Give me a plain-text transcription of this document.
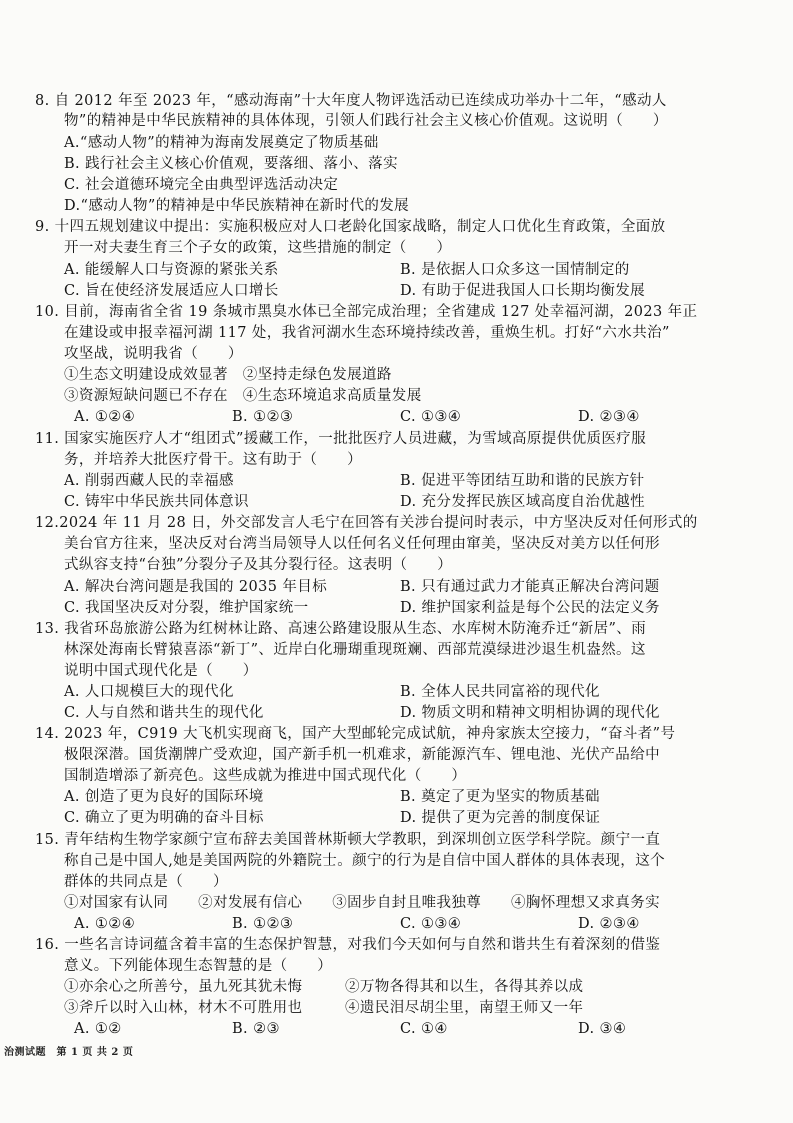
8. 自 2012 年至 2023 年，“感动海南”十大年度人物评选活动已连续成功举办十二年，“感动人
物”的精神是中华民族精神的具体体现，引领人们践行社会主义核心价值观。这说明（　　）
A.“感动人物”的精神为海南发展奠定了物质基础
B. 践行社会主义核心价值观，要落细、落小、落实
C. 社会道德环境完全由典型评选活动决定
D.“感动人物”的精神是中华民族精神在新时代的发展
9. 十四五规划建议中提出：实施积极应对人口老龄化国家战略，制定人口优化生育政策，全面放
开一对夫妻生育三个子女的政策，这些措施的制定（　　）
A. 能缓解人口与资源的紧张关系	B. 是依据人口众多这一国情制定的
C. 旨在使经济发展适应人口增长	D. 有助于促进我国人口长期均衡发展
10. 目前，海南省全省 19 条城市黑臭水体已全部完成治理；全省建成 127 处幸福河湖，2023 年正
在建设或申报幸福河湖 117 处，我省河湖水生态环境持续改善，重焕生机。打好“六水共治”
攻坚战，说明我省（　　）
①生态文明建设成效显著　②坚持走绿色发展道路
③资源短缺问题已不存在　④生态环境追求高质量发展
A. ①②④	B. ①②③	C. ①③④	D. ②③④
11. 国家实施医疗人才“组团式”援藏工作，一批批医疗人员进藏，为雪域高原提供优质医疗服
务，并培养大批医疗骨干。这有助于（　　）
A. 削弱西藏人民的幸福感	B. 促进平等团结互助和谐的民族方针
C. 铸牢中华民族共同体意识	D. 充分发挥民族区域高度自治优越性
12.2024 年 11 月 28 日，外交部发言人毛宁在回答有关涉台提问时表示，中方坚决反对任何形式的
美台官方往来，坚决反对台湾当局领导人以任何名义任何理由窜美，坚决反对美方以任何形
式纵容支持“台独”分裂分子及其分裂行径。这表明（　　）
A. 解决台湾问题是我国的 2035 年目标	B. 只有通过武力才能真正解决台湾问题
C. 我国坚决反对分裂，维护国家统一	D. 维护国家利益是每个公民的法定义务
13. 我省环岛旅游公路为红树林让路、高速公路建设服从生态、水库树木防淹乔迁“新居”、雨
林深处海南长臂猿喜添“新丁”、近岸白化珊瑚重现斑斓、西部荒漠绿进沙退生机盎然。这
说明中国式现代化是（　　）
A. 人口规模巨大的现代化	B. 全体人民共同富裕的现代化
C. 人与自然和谐共生的现代化	D. 物质文明和精神文明相协调的现代化
14. 2023 年，C919 大飞机实现商飞，国产大型邮轮完成试航，神舟家族太空接力，“奋斗者”号
极限深潜。国货潮牌广受欢迎，国产新手机一机难求，新能源汽车、锂电池、光伏产品给中
国制造增添了新亮色。这些成就为推进中国式现代化（　　）
A. 创造了更为良好的国际环境	B. 奠定了更为坚实的物质基础
C. 确立了更为明确的奋斗目标	D. 提供了更为完善的制度保证
15. 青年结构生物学家颜宁宣布辞去美国普林斯顿大学教职，到深圳创立医学科学院。颜宁一直
称自己是中国人,她是美国两院的外籍院士。颜宁的行为是自信中国人群体的具体表现，这个
群体的共同点是（　　）
①对国家有认同　　②对发展有信心　　③固步自封且唯我独尊　　④胸怀理想又求真务实
A. ①②④	B. ①②③	C. ①③④	D. ②③④
16. 一些名言诗词蕴含着丰富的生态保护智慧，对我们今天如何与自然和谐共生有着深刻的借鉴
意义。下列能体现生态智慧的是（　　）
①亦余心之所善兮，虽九死其犹未悔	②万物各得其和以生，各得其养以成
③斧斤以时入山林，材木不可胜用也	④遗民泪尽胡尘里，南望王师又一年
A. ①②	B. ②③	C. ①④	D. ③④
治测试题　第 1 页 共 2 页
